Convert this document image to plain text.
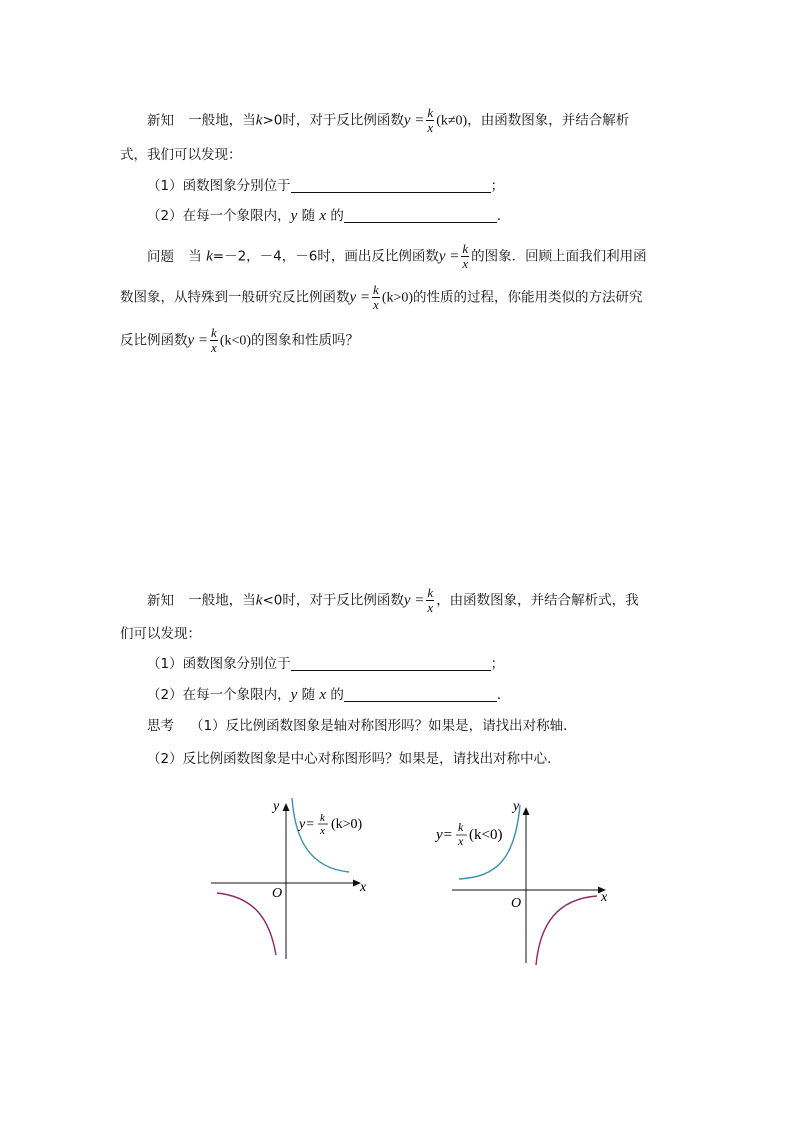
新知 一般地，当k>0时，对于反比例函数$y = \frac{k}{x} (k\ne 0)$，由函数图象，并结合解析
式，我们可以发现：
（1）函数图象分别位于	；
（2）在每一个象限内，y 随 x 的	．
问题 当 k=－2，－4，－6时，画出反比例函数$y = \frac{k}{x}$ 的图象．回顾上面我们利用函
数图象，从特殊到一般研究反比例函数$y = \frac{k}{x} (k>0)$的性质的过程，你能用类似的方法研究
反比例函数$y = \frac{k}{x} (k<0)$的图象和性质吗？
新知 一般地，当k<0时，对于反比例函数$y = \frac{k}{x}$ ，由函数图象，并结合解析式，我
们可以发现：
（1）函数图象分别位于	；
（2）在每一个象限内，y 随 x 的	．
思考 （1）反比例函数图象是轴对称图形吗？如果是，请找出对称轴．
（2）反比例函数图象是中心对称图形吗？如果是，请找出对称中心．
y
x
O
y= k
x (k>0)
y
x
O
y= k
x (k<0)
